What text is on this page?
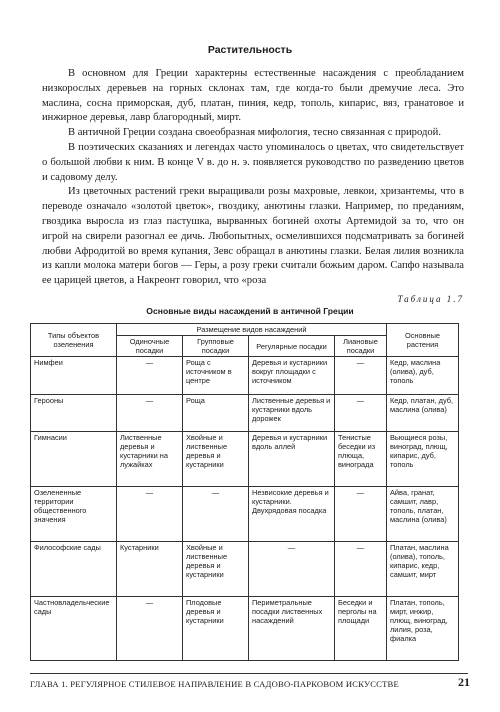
Растительность

В основном для Греции характерны естественные насаждения с преобладанием низкорослых деревьев на горных склонах там, где когда-то были дремучие леса. Это маслина, сосна приморская, дуб, платан, пиния, кедр, тополь, кипарис, вяз, гранатовое и инжирное деревья, лавр благородный, мирт.

В античной Греции создана своеобразная мифология, тесно связанная с природой.

В поэтических сказаниях и легендах часто упоминалось о цветах, что свидетельствует о большой любви к ним. В конце V в. до н. э. появляется руководство по разведению цветов и садовому делу.

Из цветочных растений греки выращивали розы махровые, левкои, хризантемы, что в переводе означало «золотой цветок», гвоздику, анютины глазки. Например, по преданиям, гвоздика выросла из глаз пастушка, вырванных богиней охоты Артемидой за то, что он игрой на свирели разогнал ее дичь. Любопытных, осмелившихся подсматривать за богиней любви Афродитой во время купания, Зевс обращал в анютины глазки. Белая лилия возникла из капли молока матери богов — Геры, а розу греки считали божьим даром. Сапфо называла ее царицей цветов, а Накреонт говорил, что «роза

Таблица 1.7
Основные виды насаждений в античной Греции
Типы объектов озеленения	Размещение видов насаждений				Основные растения
	Одиночные посадки	Групповые посадки	Регулярные посадки	Лиановые посадки	
Нимфеи	—	Роща с источником в центре	Деревья и кустарники вокруг площадки с источником	—	Кедр, маслина (олива), дуб, тополь
Герооны	—	Роща	Лиственные деревья и кустарники вдоль дорожек	—	Кедр, платан, дуб, маслина (олива)
Гимнасии	Лиственные деревья и кустарники на лужайках	Хвойные и лиственные деревья и кустарники	Деревья и кустарники вдоль аллей	Тенистые беседки из плюща, винограда	Вьющиеся розы, виноград, плющ, кипарис, дуб, тополь
Озелененные территории общественного значения	—	—	Незвисокие деревья и кустарники. Двухрядовая посадка	—	Айва, гранат, самшит, лавр, тополь, платан, маслина (олива)
Философские сады	Кустарники	Хвойные и лиственные деревья и кустарники	—	—	Платан, маслина (олива), тополь, кипарис, кедр, самшит, мирт
Частновладельческие сады	—	Плодовые деревья и кустарники	Периметральные посадки лиственных насаждений	Беседки и перголы на площади	Платан, тополь, мирт, инжир, плющ, виноград, лилия, роза, фиалка
ГЛАВА 1. РЕГУЛЯРНОЕ СТИЛЕВОЕ НАПРАВЛЕНИЕ В САДОВО-ПАРКОВОМ ИСКУССТВЕ	21
